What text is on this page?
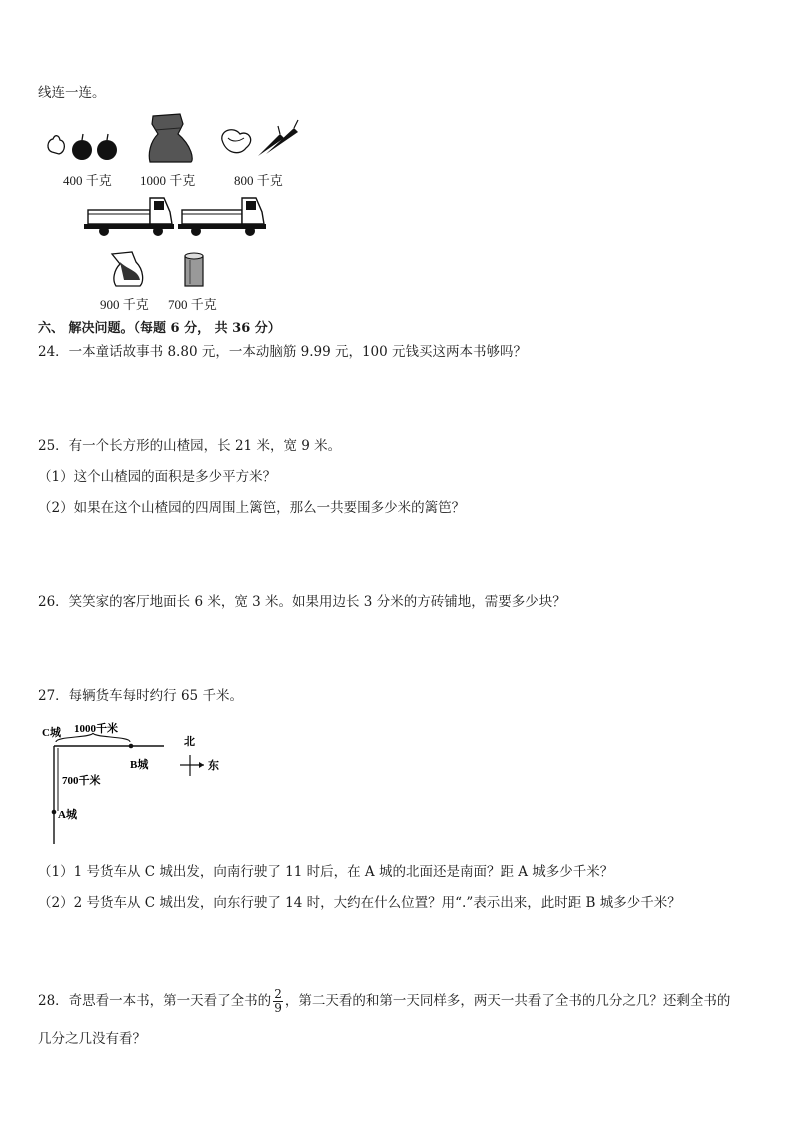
线连一连。
400 千克 1000 千克	800 千克
900 千克 700 千克
六、 解决问题。（每题 6 分， 共 36 分）
24．一本童话故事书 8.80 元，一本动脑筋 9.99 元，100 元钱买这两本书够吗？
25．有一个长方形的山楂园，长 21 米，宽 9 米。
（1）这个山楂园的面积是多少平方米？
（2）如果在这个山楂园的四周围上篱笆，那么一共要围多少米的篱笆？
26．笑笑家的客厅地面长 6 米，宽 3 米。如果用边长 3 分米的方砖铺地，需要多少块？
27．每辆货车每时约行 65 千米。
C城 1000千米
B城
700千米
A城
北
东
（1）1 号货车从 C 城出发，向南行驶了 11 时后，在 A 城的北面还是南面？距 A 城多少千米？
（2）2 号货车从 C 城出发，向东行驶了 14 时，大约在什么位置？用“.”表示出来，此时距 B 城多少千米？
28．奇思看一本书，第一天看了全书的 $\frac{2}{9}$ ，第二天看的和第一天同样多，两天一共看了全书的几分之几？还剩全书的
几分之几没有看？
